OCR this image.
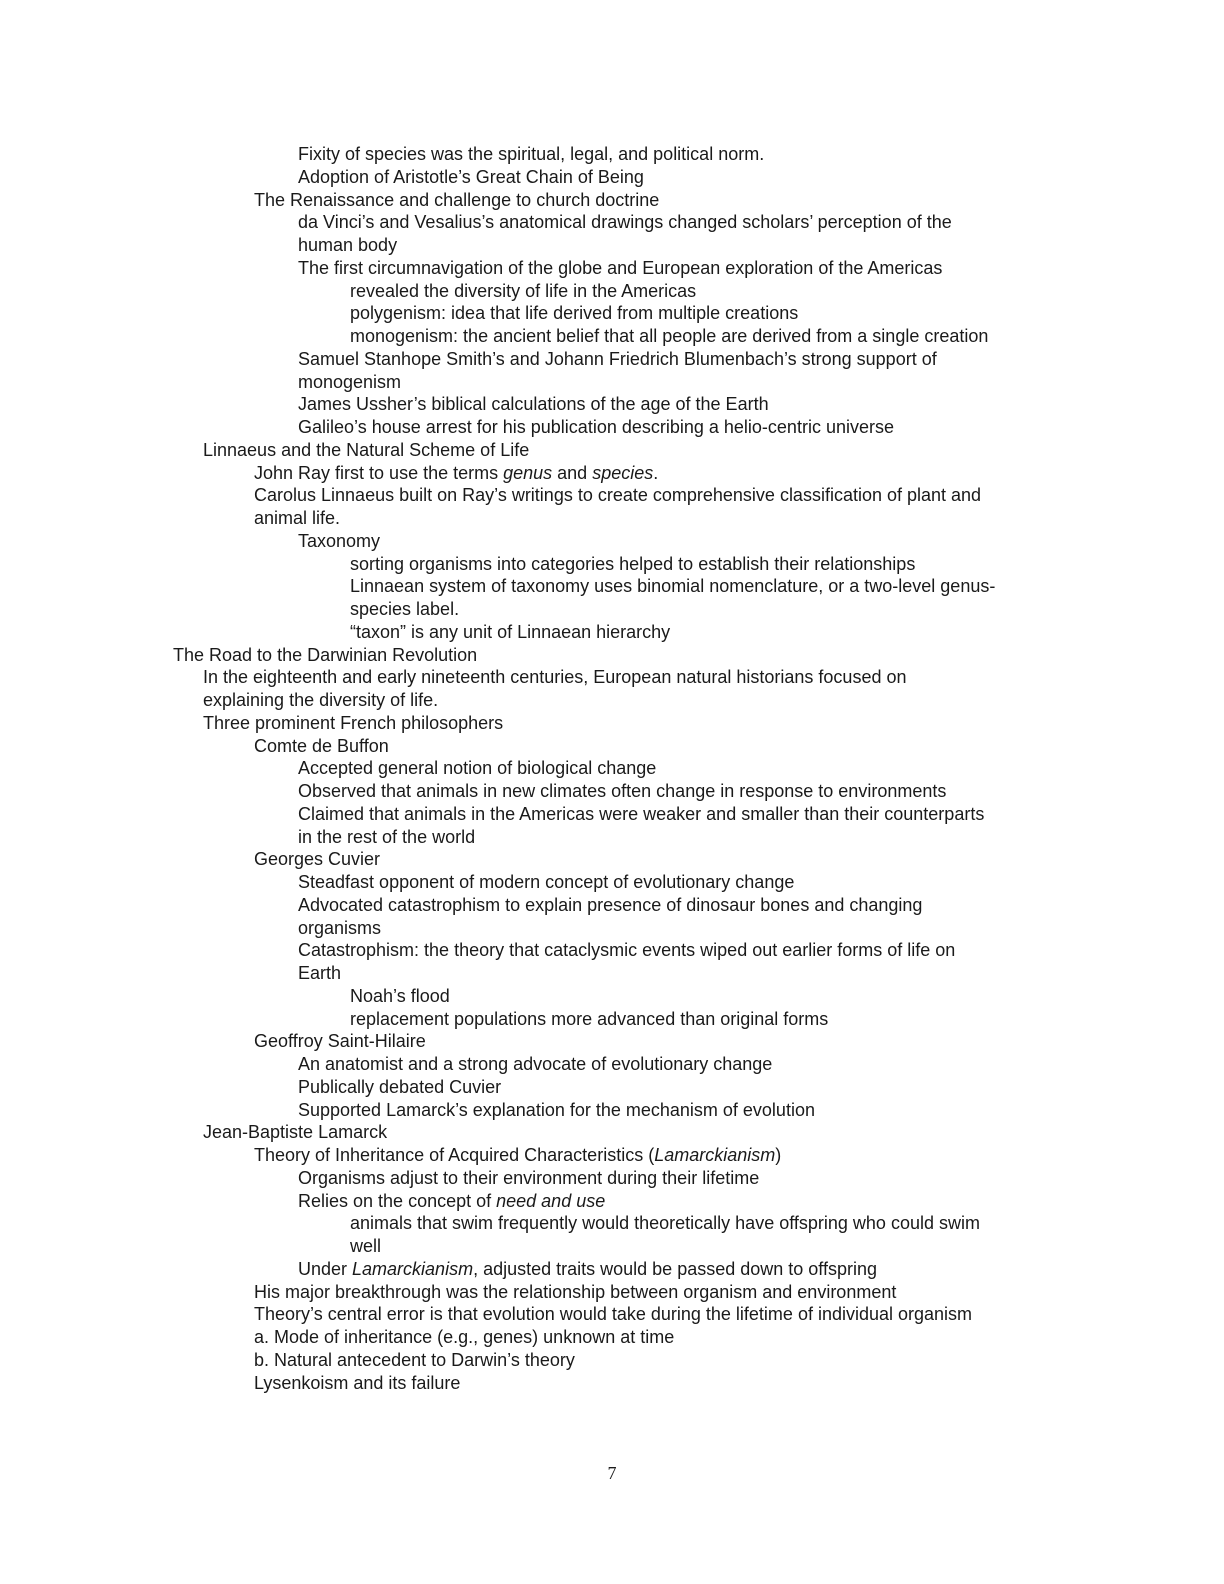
Fixity of species was the spiritual, legal, and political norm.
Adoption of Aristotle’s Great Chain of Being
The Renaissance and challenge to church doctrine
da Vinci’s and Vesalius’s anatomical drawings changed scholars’ perception of the
human body
The first circumnavigation of the globe and European exploration of the Americas
revealed the diversity of life in the Americas
polygenism: idea that life derived from multiple creations
monogenism: the ancient belief that all people are derived from a single creation
Samuel Stanhope Smith’s and Johann Friedrich Blumenbach’s strong support of
monogenism
James Ussher’s biblical calculations of the age of the Earth
Galileo’s house arrest for his publication describing a helio-centric universe
Linnaeus and the Natural Scheme of Life
John Ray first to use the terms genus and species.
Carolus Linnaeus built on Ray’s writings to create comprehensive classification of plant and
animal life.
Taxonomy
sorting organisms into categories helped to establish their relationships
Linnaean system of taxonomy uses binomial nomenclature, or a two-level genus-
species label.
“taxon” is any unit of Linnaean hierarchy
The Road to the Darwinian Revolution
In the eighteenth and early nineteenth centuries, European natural historians focused on
explaining the diversity of life.
Three prominent French philosophers
Comte de Buffon
Accepted general notion of biological change
Observed that animals in new climates often change in response to environments
Claimed that animals in the Americas were weaker and smaller than their counterparts
in the rest of the world
Georges Cuvier
Steadfast opponent of modern concept of evolutionary change
Advocated catastrophism to explain presence of dinosaur bones and changing
organisms
Catastrophism: the theory that cataclysmic events wiped out earlier forms of life on
Earth
Noah’s flood
replacement populations more advanced than original forms
Geoffroy Saint-Hilaire
An anatomist and a strong advocate of evolutionary change
Publically debated Cuvier
Supported Lamarck’s explanation for the mechanism of evolution
Jean-Baptiste Lamarck
Theory of Inheritance of Acquired Characteristics (Lamarckianism)
Organisms adjust to their environment during their lifetime
Relies on the concept of need and use
animals that swim frequently would theoretically have offspring who could swim
well
Under Lamarckianism, adjusted traits would be passed down to offspring
His major breakthrough was the relationship between organism and environment
Theory’s central error is that evolution would take during the lifetime of individual organism
a. Mode of inheritance (e.g., genes) unknown at time
b. Natural antecedent to Darwin’s theory
Lysenkoism and its failure
7
